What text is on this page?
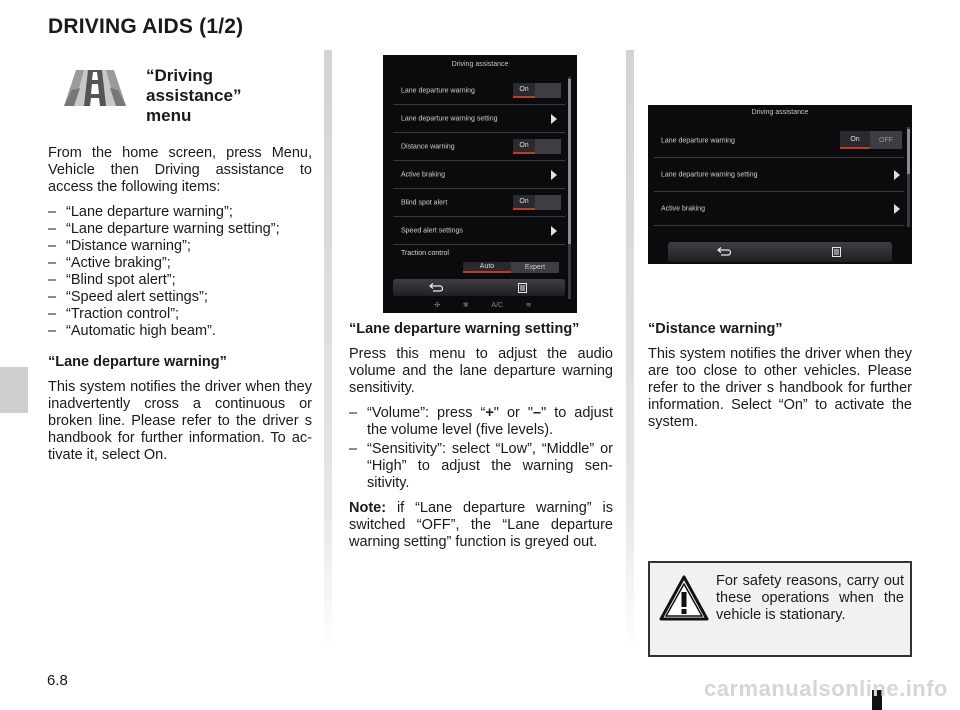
DRIVING AIDS (1/2)
“Driving
assistance”
menu

From the home screen, press Menu, Vehicle then Driving assistance to access the following items:

– “Lane departure warning”;
– “Lane departure warning setting”;
– “Distance warning”;
– “Active braking”;
– “Blind spot alert”;
– “Speed alert settings”;
– “Traction control”;
– “Automatic high beam”.
“Lane departure warning”

This system notifies the driver when they inadvertently cross a continuous or broken line. Please refer to the driver s handbook for further information. To ac-tivate it, select On.

Driving assistance
Lane departure warning	On
Lane departure warning setting
Distance warning	On
Active braking
Blind spot alert	On
Speed alert settings
Traction control
Auto	Expert
✣	✻	A/C	≋
“Lane departure warning setting”

Press this menu to adjust the audio volume and the lane departure warning sensitivity.

– “Volume”: press “+" or "–" to adjust the volume level (five levels).
– “Sensitivity”: select “Low”, “Middle” or “High” to adjust the warning sen-sitivity.

Note: if “Lane departure warning” is switched “OFF”, the “Lane departure warning setting” function is greyed out.

Driving assistance
Lane departure warning	On	OFF
Lane departure warning setting
Active braking
“Distance warning”

This system notifies the driver when they are too close to other vehicles. Please refer to the driver s handbook for further information. Select “On” to activate the system.

For safety reasons, carry out these operations when the vehicle is stationary.
6.8	carmanualsonline.info
